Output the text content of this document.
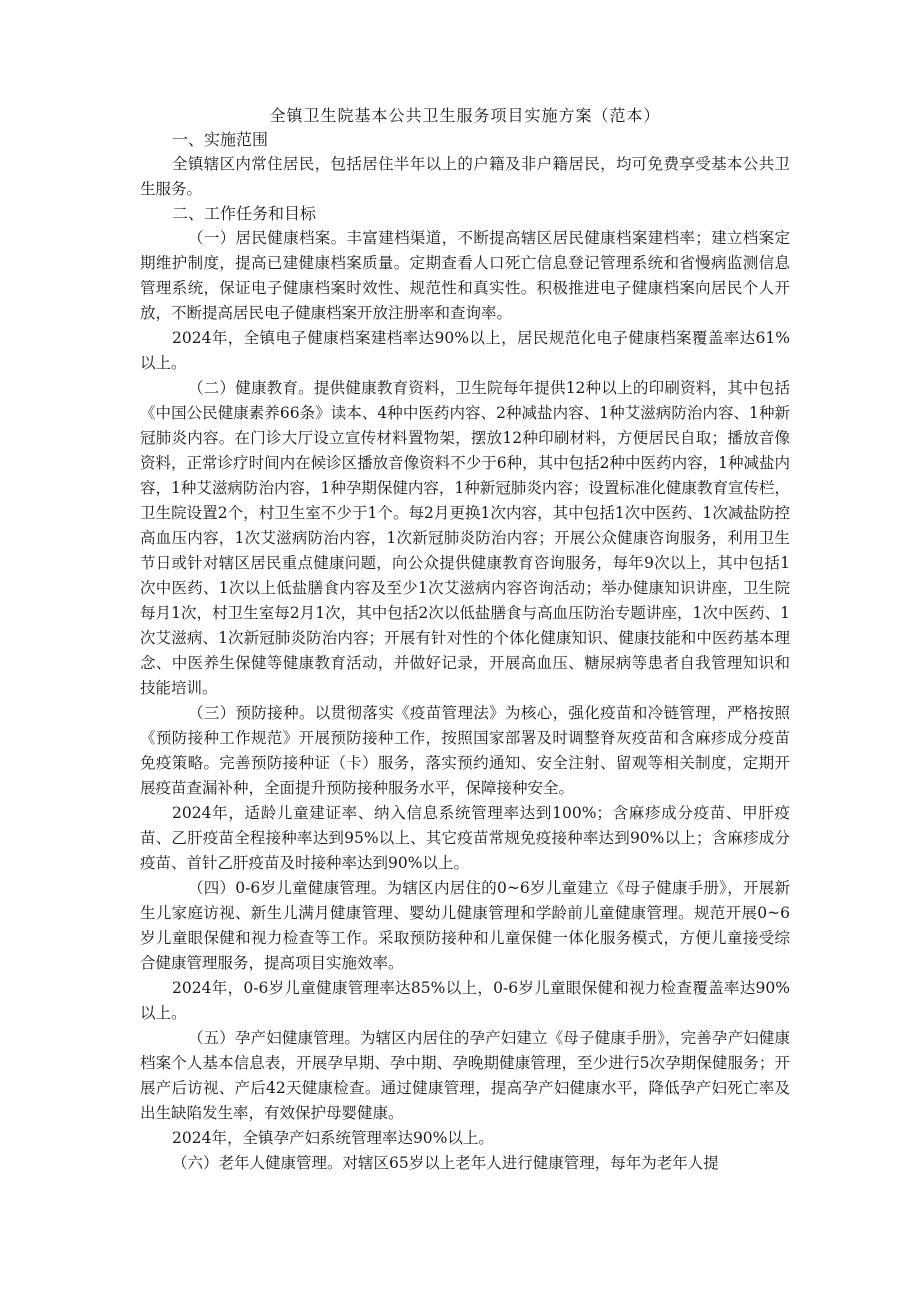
全镇卫生院基本公共卫生服务项目实施方案（范本）

一、实施范围

全镇辖区内常住居民，包括居住半年以上的户籍及非户籍居民，均可免费享受基本公共卫生服务。

二、工作任务和目标

（一）居民健康档案。丰富建档渠道，不断提高辖区居民健康档案建档率；建立档案定期维护制度，提高已建健康档案质量。定期查看人口死亡信息登记管理系统和省慢病监测信息管理系统，保证电子健康档案时效性、规范性和真实性。积极推进电子健康档案向居民个人开放，不断提高居民电子健康档案开放注册率和查询率。

2024年，全镇电子健康档案建档率达90%以上，居民规范化电子健康档案覆盖率达61%以上。

（二）健康教育。提供健康教育资料，卫生院每年提供12种以上的印刷资料，其中包括《中国公民健康素养66条》读本、4种中医药内容、2种减盐内容、1种艾滋病防治内容、1种新冠肺炎内容。在门诊大厅设立宣传材料置物架，摆放12种印刷材料，方便居民自取；播放音像资料，正常诊疗时间内在候诊区播放音像资料不少于6种，其中包括2种中医药内容，1种减盐内容，1种艾滋病防治内容，1种孕期保健内容，1种新冠肺炎内容；设置标准化健康教育宣传栏，卫生院设置2个，村卫生室不少于1个。每2月更换1次内容，其中包括1次中医药、1次减盐防控高血压内容，1次艾滋病防治内容，1次新冠肺炎防治内容；开展公众健康咨询服务，利用卫生节日或针对辖区居民重点健康问题，向公众提供健康教育咨询服务，每年9次以上，其中包括1次中医药、1次以上低盐膳食内容及至少1次艾滋病内容咨询活动；举办健康知识讲座，卫生院每月1次，村卫生室每2月1次，其中包括2次以低盐膳食与高血压防治专题讲座，1次中医药、1次艾滋病、1次新冠肺炎防治内容；开展有针对性的个体化健康知识、健康技能和中医药基本理念、中医养生保健等健康教育活动，并做好记录，开展高血压、糖尿病等患者自我管理知识和技能培训。

（三）预防接种。以贯彻落实《疫苗管理法》为核心，强化疫苗和冷链管理，严格按照《预防接种工作规范》开展预防接种工作，按照国家部署及时调整脊灰疫苗和含麻疹成分疫苗免疫策略。完善预防接种证（卡）服务，落实预约通知、安全注射、留观等相关制度，定期开展疫苗查漏补种，全面提升预防接种服务水平，保障接种安全。

2024年，适龄儿童建证率、纳入信息系统管理率达到100%；含麻疹成分疫苗、甲肝疫苗、乙肝疫苗全程接种率达到95%以上、其它疫苗常规免疫接种率达到90%以上；含麻疹成分疫苗、首针乙肝疫苗及时接种率达到90%以上。

（四）0-6岁儿童健康管理。为辖区内居住的0~6岁儿童建立《母子健康手册》，开展新生儿家庭访视、新生儿满月健康管理、婴幼儿健康管理和学龄前儿童健康管理。规范开展0~6岁儿童眼保健和视力检查等工作。采取预防接种和儿童保健一体化服务模式，方便儿童接受综合健康管理服务，提高项目实施效率。

2024年，0-6岁儿童健康管理率达85%以上，0-6岁儿童眼保健和视力检查覆盖率达90%以上。

（五）孕产妇健康管理。为辖区内居住的孕产妇建立《母子健康手册》，完善孕产妇健康档案个人基本信息表，开展孕早期、孕中期、孕晚期健康管理，至少进行5次孕期保健服务；开展产后访视、产后42天健康检查。通过健康管理，提高孕产妇健康水平，降低孕产妇死亡率及出生缺陷发生率，有效保护母婴健康。

2024年，全镇孕产妇系统管理率达90%以上。

（六）老年人健康管理。对辖区65岁以上老年人进行健康管理，每年为老年人提
